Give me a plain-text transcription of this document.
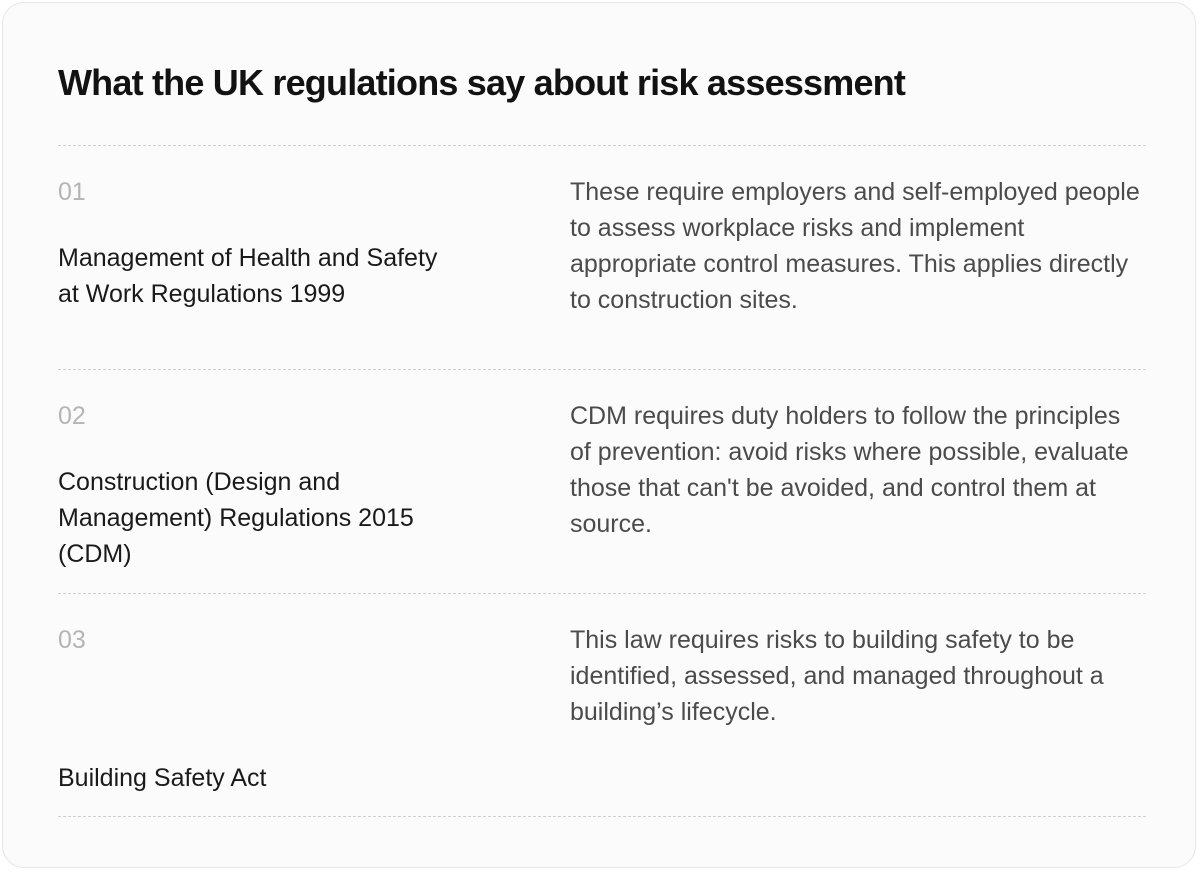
What the UK regulations say about risk assessment
01
Management of Health and Safety at Work Regulations 1999
These require employers and self-employed people to assess workplace risks and implement appropriate control measures. This applies directly to construction sites.
02
Construction (Design and Management) Regulations 2015 (CDM)
CDM requires duty holders to follow the principles of prevention: avoid risks where possible, evaluate those that can't be avoided, and control them at source.
03
Building Safety Act
This law requires risks to building safety to be identified, assessed, and managed throughout a building’s lifecycle.
